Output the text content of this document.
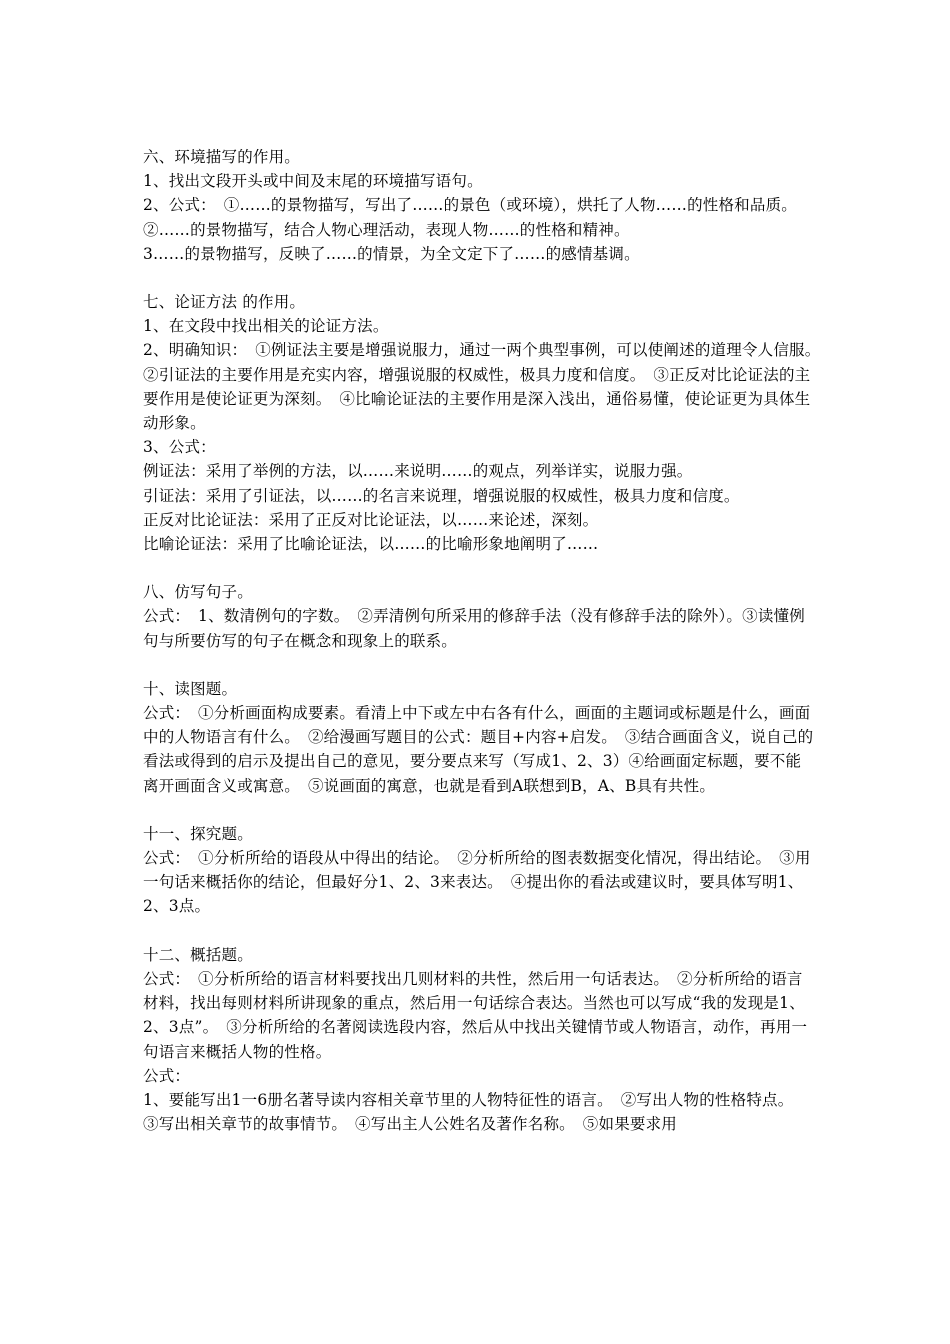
六、环境描写的作用。
1、找出文段开头或中间及末尾的环境描写语句。
2、公式：　①……的景物描写，写出了……的景色（或环境），烘托了人物……的性格和品质。　②……的景物描写，结合人物心理活动，表现人物……的性格和精神。
3……的景物描写，反映了……的情景，为全文定下了……的感情基调。
七、论证方法 的作用。
1、在文段中找出相关的论证方法。
2、明确知识：　①例证法主要是增强说服力，通过一两个典型事例，可以使阐述的道理令人信服。　②引证法的主要作用是充实内容，增强说服的权威性，极具力度和信度。　③正反对比论证法的主要作用是使论证更为深刻。　④比喻论证法的主要作用是深入浅出，通俗易懂，使论证更为具体生动形象。
3、公式：
例证法：采用了举例的方法，以……来说明……的观点，列举详实，说服力强。
引证法：采用了引证法，以……的名言来说理，增强说服的权威性，极具力度和信度。
正反对比论证法：采用了正反对比论证法，以……来论述，深刻。
比喻论证法：采用了比喻论证法，以……的比喻形象地阐明了……
八、仿写句子。
公式：　1、数清例句的字数。　②弄清例句所采用的修辞手法（没有修辞手法的除外）。③读懂例句与所要仿写的句子在概念和现象上的联系。
十、读图题。
公式：　①分析画面构成要素。看清上中下或左中右各有什么，画面的主题词或标题是什么，画面中的人物语言有什么。　②给漫画写题目的公式：题目+内容+启发。　③结合画面含义，说自己的看法或得到的启示及提出自己的意见，要分要点来写（写成1、2、3）④给画面定标题，要不能离开画面含义或寓意。　⑤说画面的寓意，也就是看到A联想到B，A、B具有共性。
十一、探究题。
公式：　①分析所给的语段从中得出的结论。　②分析所给的图表数据变化情况，得出结论。　③用一句话来概括你的结论，但最好分1、2、3来表达。　④提出你的看法或建议时，要具体写明1、2、3点。
十二、概括题。
公式：　①分析所给的语言材料要找出几则材料的共性，然后用一句话表达。　②分析所给的语言材料，找出每则材料所讲现象的重点，然后用一句话综合表达。当然也可以写成“我的发现是1、2、3点”。　③分析所给的名著阅读选段内容，然后从中找出关键情节或人物语言，动作，再用一句语言来概括人物的性格。
公式：
1、要能写出1一6册名著导读内容相关章节里的人物特征性的语言。　②写出人物的性格特点。　③写出相关章节的故事情节。　④写出主人公姓名及著作名称。　⑤如果要求用
